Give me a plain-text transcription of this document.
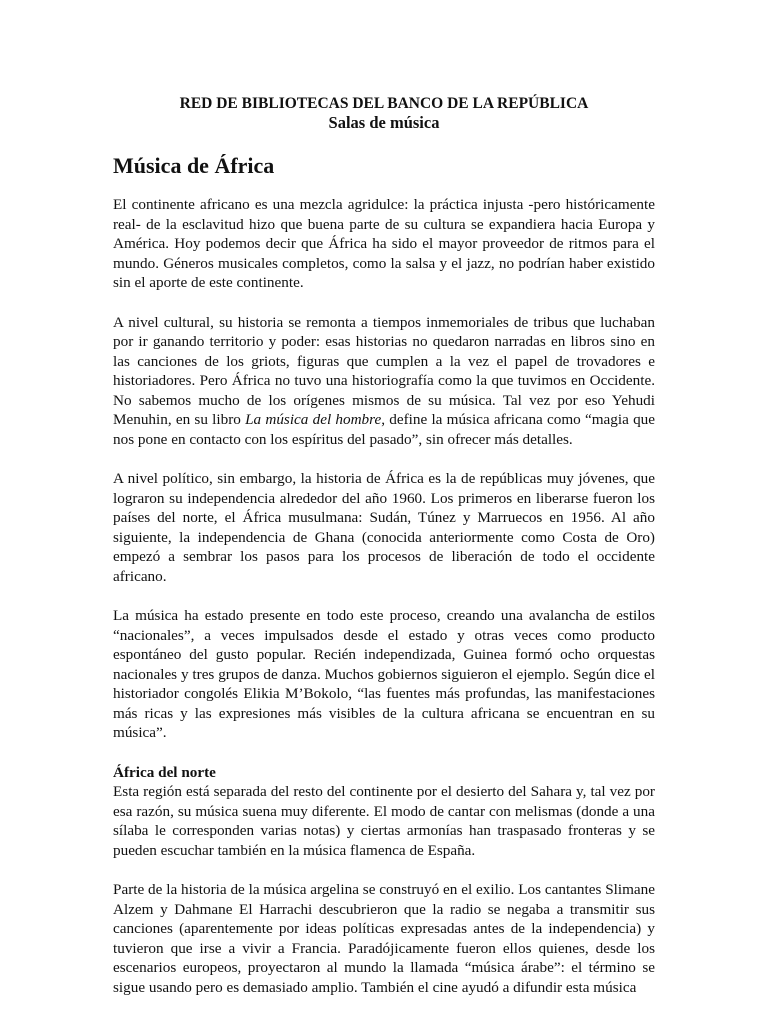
RED DE BIBLIOTECAS DEL BANCO DE LA REPÚBLICA
Salas de música
Música de África

El continente africano es una mezcla agridulce: la práctica injusta -pero históricamente real- de la esclavitud hizo que buena parte de su cultura se expandiera hacia Europa y América. Hoy podemos decir que África ha sido el mayor proveedor de ritmos para el mundo. Géneros musicales completos, como la salsa y el jazz, no podrían haber existido sin el aporte de este continente.

A nivel cultural, su historia se remonta a tiempos inmemoriales de tribus que luchaban por ir ganando territorio y poder: esas historias no quedaron narradas en libros sino en las canciones de los griots, figuras que cumplen a la vez el papel de trovadores e historiadores. Pero África no tuvo una historiografía como la que tuvimos en Occidente. No sabemos mucho de los orígenes mismos de su música. Tal vez por eso Yehudi Menuhin, en su libro La música del hombre, define la música africana como “magia que nos pone en contacto con los espíritus del pasado”, sin ofrecer más detalles.

A nivel político, sin embargo, la historia de África es la de repúblicas muy jóvenes, que lograron su independencia alrededor del año 1960. Los primeros en liberarse fueron los países del norte, el África musulmana: Sudán, Túnez y Marruecos en 1956. Al año siguiente, la independencia de Ghana (conocida anteriormente como Costa de Oro) empezó a sembrar los pasos para los procesos de liberación de todo el occidente africano.

La música ha estado presente en todo este proceso, creando una avalancha de estilos “nacionales”, a veces impulsados desde el estado y otras veces como producto espontáneo del gusto popular. Recién independizada, Guinea formó ocho orquestas nacionales y tres grupos de danza. Muchos gobiernos siguieron el ejemplo. Según dice el historiador congolés Elikia M’Bokolo, “las fuentes más profundas, las manifestaciones más ricas y las expresiones más visibles de la cultura africana se encuentran en su música”.

África del norte

Esta región está separada del resto del continente por el desierto del Sahara y, tal vez por esa razón, su música suena muy diferente. El modo de cantar con melismas (donde a una sílaba le corresponden varias notas) y ciertas armonías han traspasado fronteras y se pueden escuchar también en la música flamenca de España.

Parte de la historia de la música argelina se construyó en el exilio. Los cantantes Slimane Alzem y Dahmane El Harrachi descubrieron que la radio se negaba a transmitir sus canciones (aparentemente por ideas políticas expresadas antes de la independencia) y tuvieron que irse a vivir a Francia. Paradójicamente fueron ellos quienes, desde los escenarios europeos, proyectaron al mundo la llamada “música árabe”: el término se sigue usando pero es demasiado amplio. También el cine ayudó a difundir esta música
